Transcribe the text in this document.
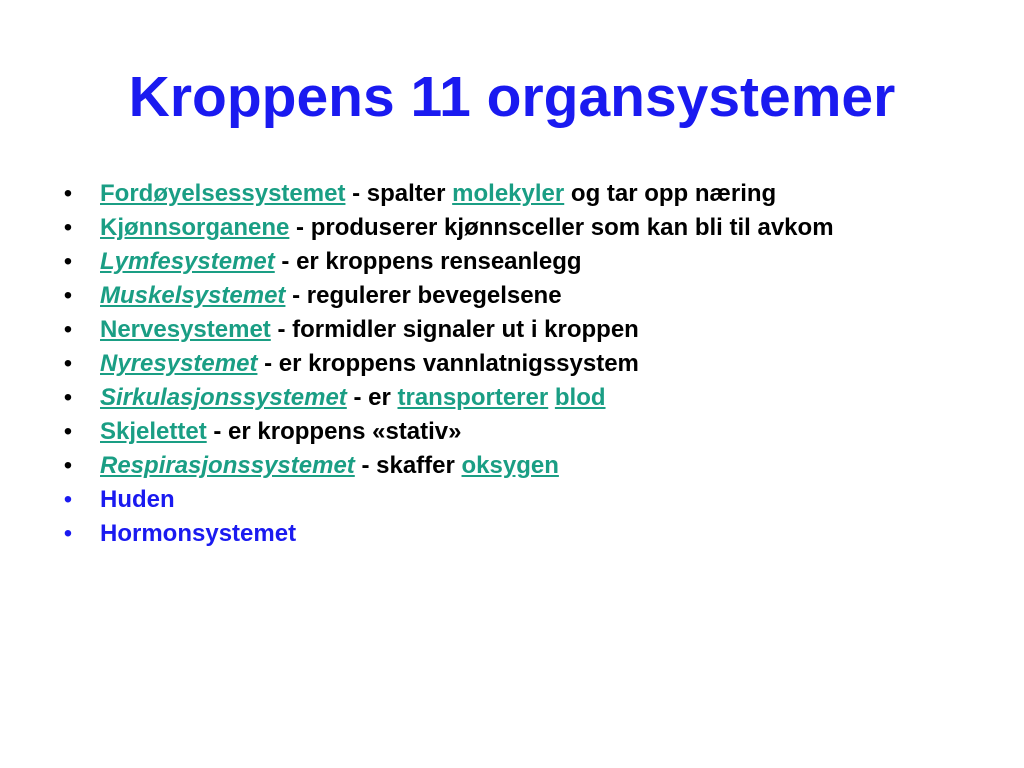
Kroppens 11 organsystemer
• Fordøyelsessystemet - spalter molekyler og tar opp næring
• Kjønnsorganene - produserer kjønnsceller som kan bli til avkom
• Lymfesystemet - er kroppens renseanlegg
• Muskelsystemet - regulerer bevegelsene
• Nervesystemet - formidler signaler ut i kroppen
• Nyresystemet - er kroppens vannlatnigssystem
• Sirkulasjonssystemet - er transporterer blod
• Skjelettet - er kroppens «stativ»
• Respirasjonssystemet - skaffer oksygen
• Huden
• Hormonsystemet
